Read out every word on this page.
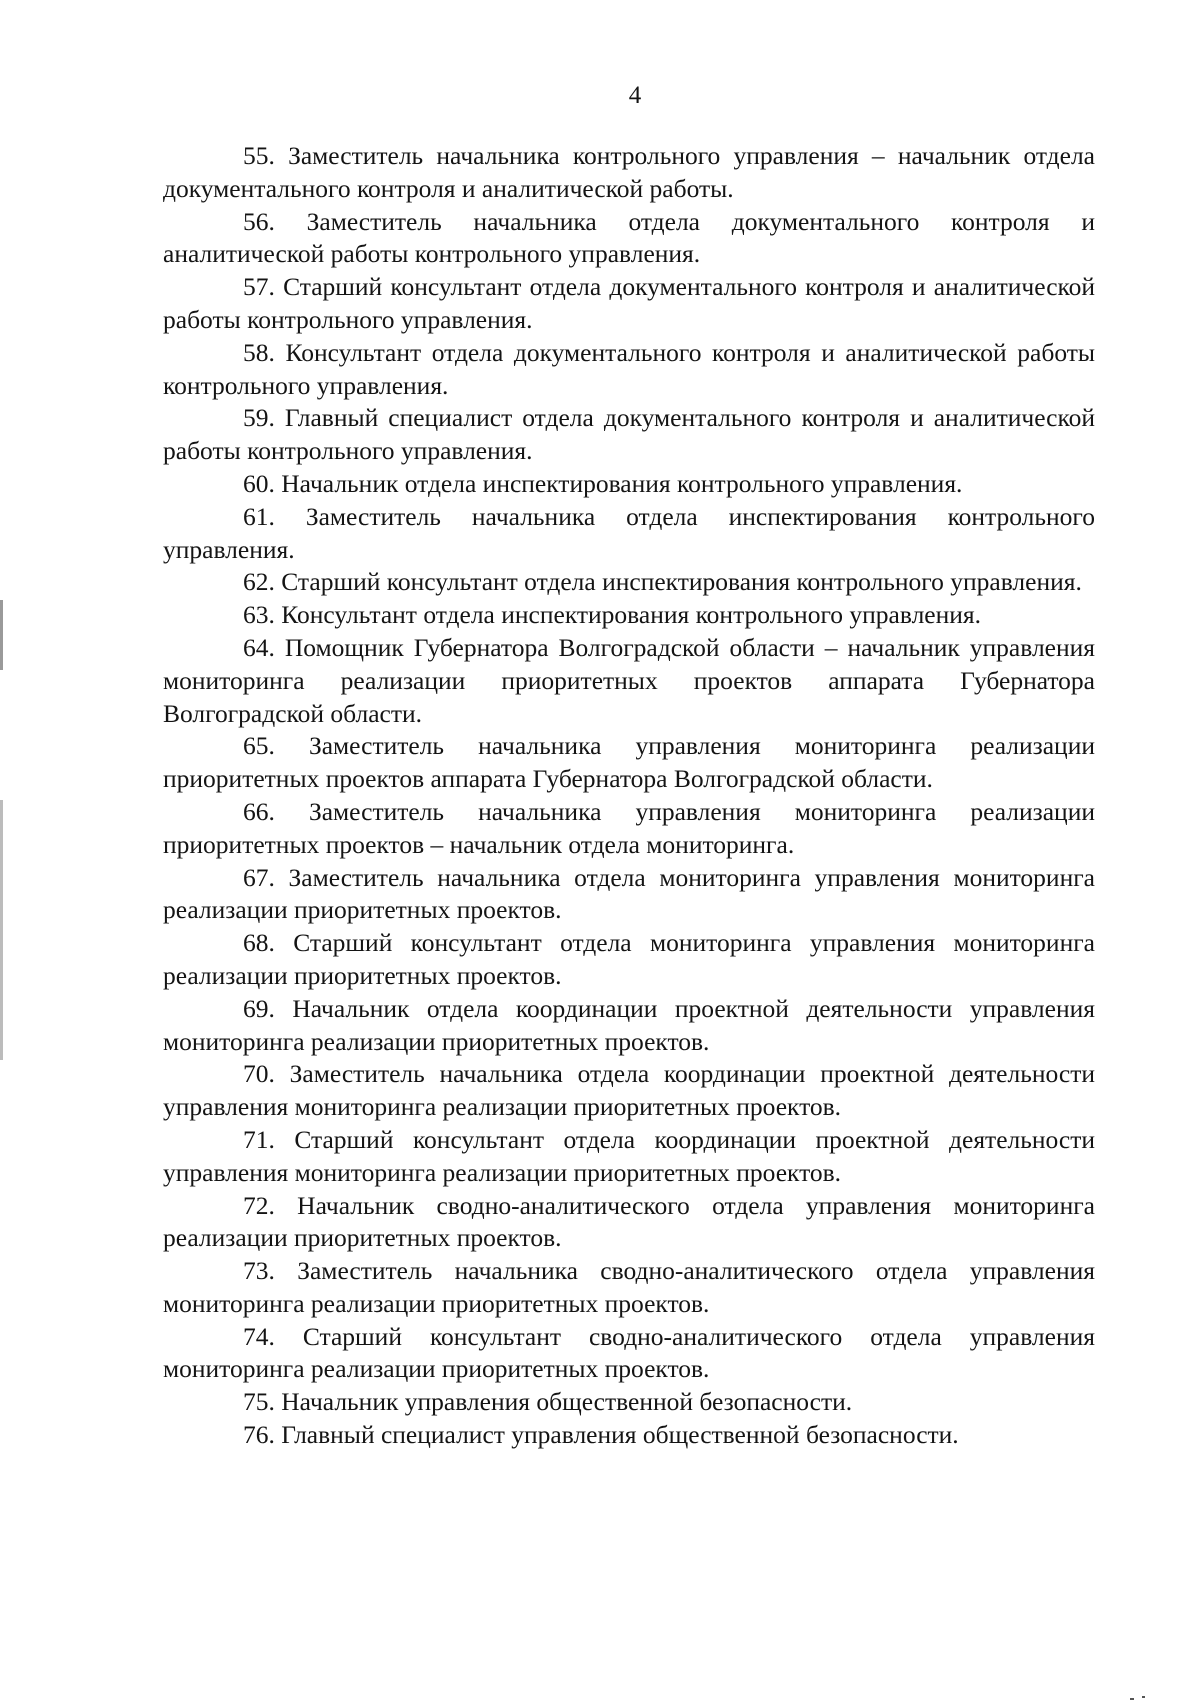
4

55. Заместитель начальника контрольного управления – начальник отдела документального контроля и аналитической работы.

56. Заместитель начальника отдела документального контроля и аналитической работы контрольного управления.

57. Старший консультант отдела документального контроля и аналитической работы контрольного управления.

58. Консультант отдела документального контроля и аналитической работы контрольного управления.

59. Главный специалист отдела документального контроля и аналитической работы контрольного управления.

60. Начальник отдела инспектирования контрольного управления.

61. Заместитель начальника отдела инспектирования контрольного управления.

62. Старший консультант отдела инспектирования контрольного управления.

63. Консультант отдела инспектирования контрольного управления.

64. Помощник Губернатора Волгоградской области – начальник управления мониторинга реализации приоритетных проектов аппарата Губернатора Волгоградской области.

65. Заместитель начальника управления мониторинга реализации приоритетных проектов аппарата Губернатора Волгоградской области.

66. Заместитель начальника управления мониторинга реализации приоритетных проектов – начальник отдела мониторинга.

67. Заместитель начальника отдела мониторинга управления мониторинга реализации приоритетных проектов.

68. Старший консультант отдела мониторинга управления мониторинга реализации приоритетных проектов.

69. Начальник отдела координации проектной деятельности управления мониторинга реализации приоритетных проектов.

70. Заместитель начальника отдела координации проектной деятельности управления мониторинга реализации приоритетных проектов.

71. Старший консультант отдела координации проектной деятельности управления мониторинга реализации приоритетных проектов.

72. Начальник сводно-аналитического отдела управления мониторинга реализации приоритетных проектов.

73. Заместитель начальника сводно-аналитического отдела управления мониторинга реализации приоритетных проектов.

74. Старший консультант сводно-аналитического отдела управления мониторинга реализации приоритетных проектов.

75. Начальник управления общественной безопасности.

76. Главный специалист управления общественной безопасности.
